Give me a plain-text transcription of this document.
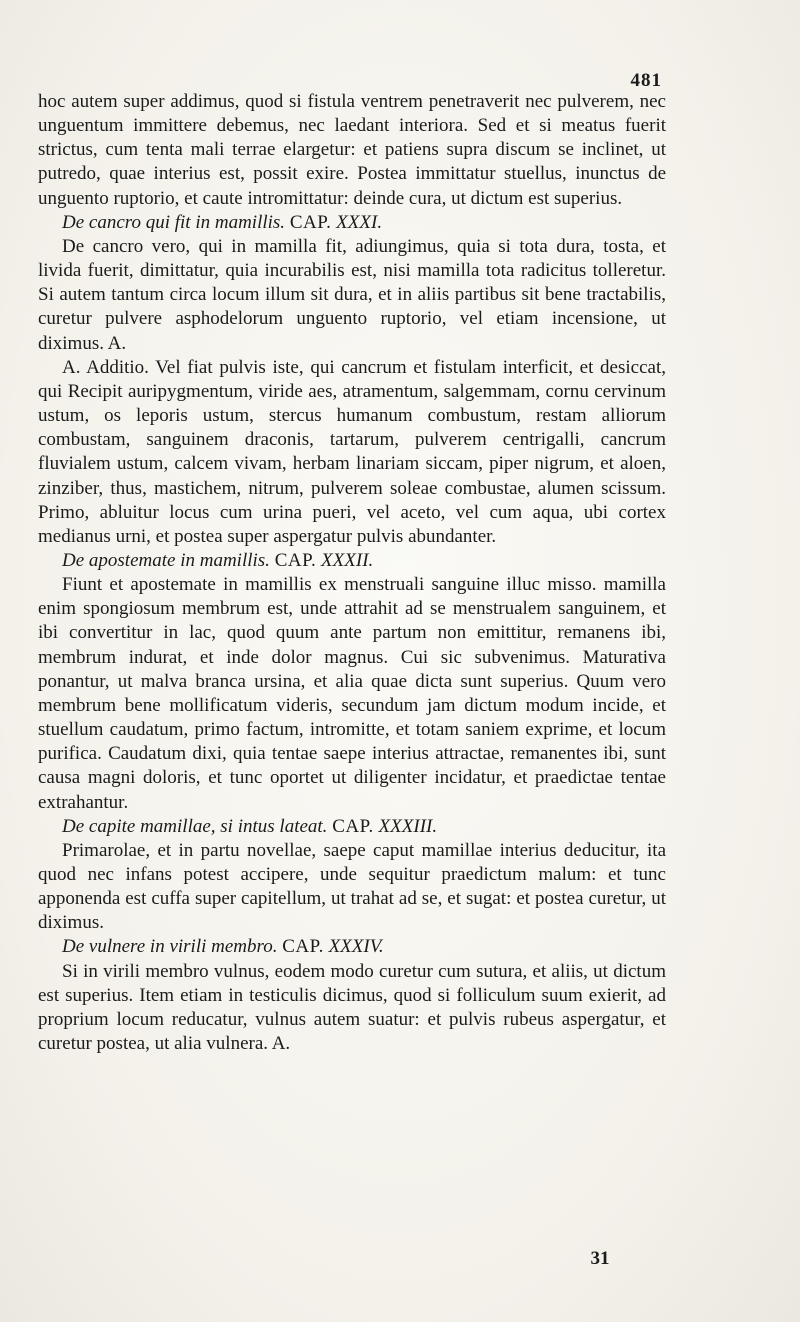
481

hoc autem super addimus, quod si fistula ventrem penetraverit nec pulverem, nec unguentum immittere debemus, nec laedant interiora. Sed et si meatus fuerit strictus, cum tenta mali terrae elargetur: et patiens supra discum se inclinet, ut putredo, quae interius est, possit exire. Postea immittatur stuellus, inunctus de unguento ruptorio, et caute intromittatur: deinde cura, ut dictum est superius.

De cancro qui fit in mamillis. CAP. XXXI.

De cancro vero, qui in mamilla fit, adiungimus, quia si tota dura, tosta, et livida fuerit, dimittatur, quia incurabilis est, nisi mamilla tota radicitus tolleretur. Si autem tantum circa locum illum sit dura, et in aliis partibus sit bene tractabilis, curetur pulvere asphodelorum unguento ruptorio, vel etiam incensione, ut diximus. A.

A. Additio. Vel fiat pulvis iste, qui cancrum et fistulam interficit, et desiccat, qui Recipit auripygmentum, viride aes, atramentum, salgemmam, cornu cervinum ustum, os leporis ustum, stercus humanum combustum, restam alliorum combustam, sanguinem draconis, tartarum, pulverem centrigalli, cancrum fluvialem ustum, calcem vivam, herbam linariam siccam, piper nigrum, et aloen, zinziber, thus, mastichem, nitrum, pulverem soleae combustae, alumen scissum. Primo, abluitur locus cum urina pueri, vel aceto, vel cum aqua, ubi cortex medianus urni, et postea super aspergatur pulvis abundanter.

De apostemate in mamillis. CAP. XXXII.

Fiunt et apostemate in mamillis ex menstruali sanguine illuc misso. mamilla enim spongiosum membrum est, unde attrahit ad se menstrualem sanguinem, et ibi convertitur in lac, quod quum ante partum non emittitur, remanens ibi, membrum indurat, et inde dolor magnus. Cui sic subvenimus. Maturativa ponantur, ut malva branca ursina, et alia quae dicta sunt superius. Quum vero membrum bene mollificatum videris, secundum jam dictum modum incide, et stuellum caudatum, primo factum, intromitte, et totam saniem exprime, et locum purifica. Caudatum dixi, quia tentae saepe interius attractae, remanentes ibi, sunt causa magni doloris, et tunc oportet ut diligenter incidatur, et praedictae tentae extrahantur.

De capite mamillae, si intus lateat. CAP. XXXIII.

Primarolae, et in partu novellae, saepe caput mamillae interius deducitur, ita quod nec infans potest accipere, unde sequitur praedictum malum: et tunc apponenda est cuffa super capitellum, ut trahat ad se, et sugat: et postea curetur, ut diximus.

De vulnere in virili membro. CAP. XXXIV.

Si in virili membro vulnus, eodem modo curetur cum sutura, et aliis, ut dictum est superius. Item etiam in testiculis dicimus, quod si folliculum suum exierit, ad proprium locum reducatur, vulnus autem suatur: et pulvis rubeus aspergatur, et curetur postea, ut alia vulnera. A.

31
